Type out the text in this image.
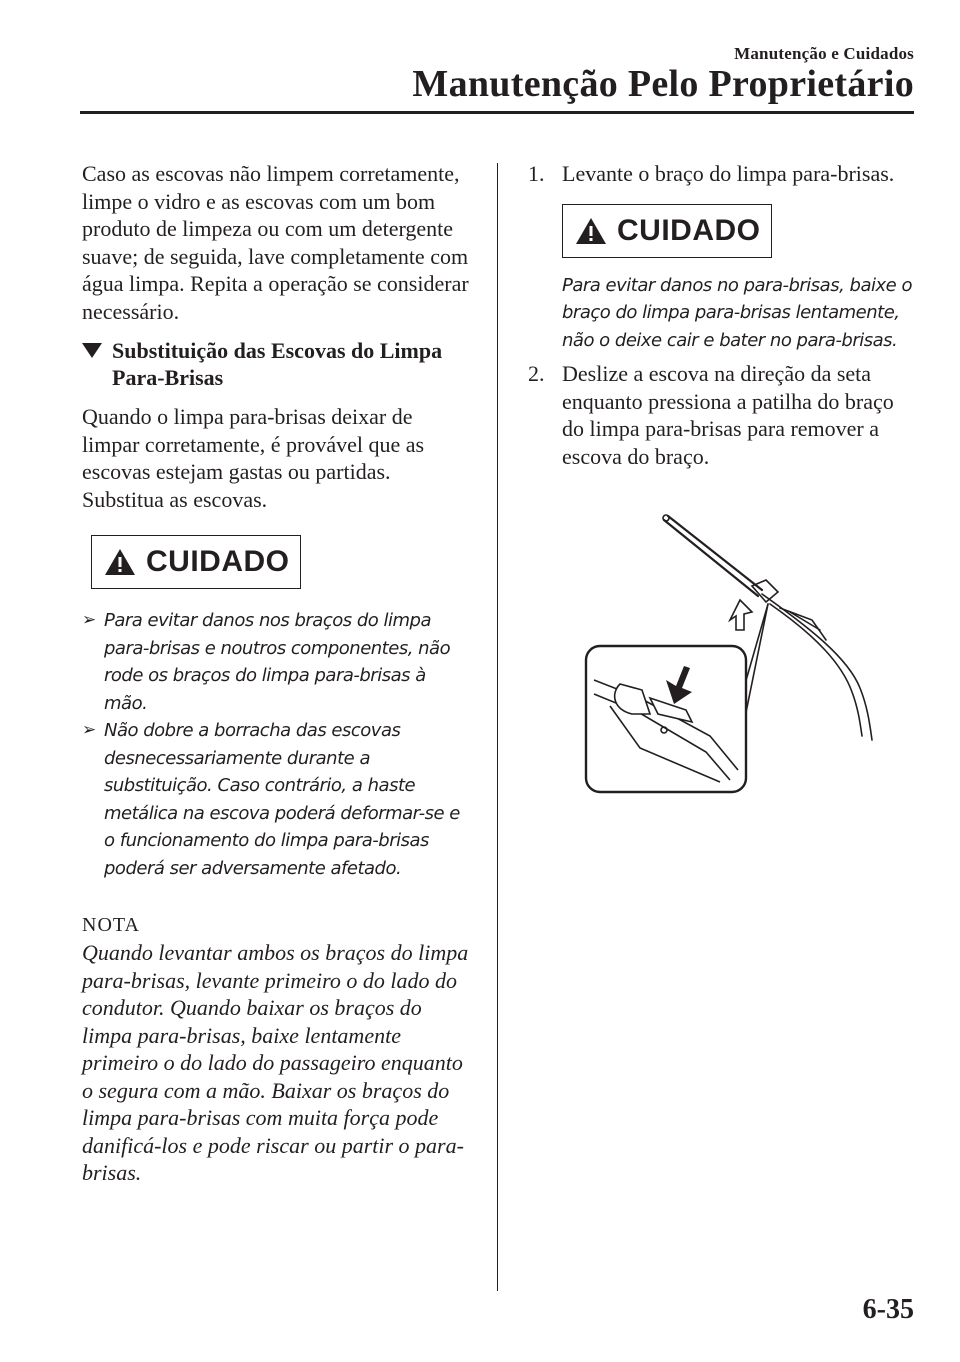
Manutenção e Cuidados
Manutenção Pelo Proprietário

Caso as escovas não limpem corretamente, limpe o vidro e as escovas com um bom produto de limpeza ou com um detergente suave; de seguida, lave completamente com água limpa. Repita a operação se considerar necessário.

Substituição das Escovas do Limpa Para-Brisas

Quando o limpa para-brisas deixar de limpar corretamente, é provável que as escovas estejam gastas ou partidas. Substitua as escovas.

CUIDADO
➢ Para evitar danos nos braços do limpa para-brisas e noutros componentes, não rode os braços do limpa para-brisas à mão.
➢ Não dobre a borracha das escovas desnecessariamente durante a substituição. Caso contrário, a haste metálica na escova poderá deformar-se e o funcionamento do limpa para-brisas poderá ser adversamente afetado.

NOTA

Quando levantar ambos os braços do limpa para-brisas, levante primeiro o do lado do condutor. Quando baixar os braços do limpa para-brisas, baixe lentamente primeiro o do lado do passageiro enquanto o segura com a mão. Baixar os braços do limpa para-brisas com muita força pode danificá-los e pode riscar ou partir o para-brisas.

1. Levante o braço do limpa para-brisas.
CUIDADO

Para evitar danos no para-brisas, baixe o braço do limpa para-brisas lentamente, não o deixe cair e bater no para-brisas.

2. Deslize a escova na direção da seta enquanto pressiona a patilha do braço do limpa para-brisas para remover a escova do braço.
6-35
